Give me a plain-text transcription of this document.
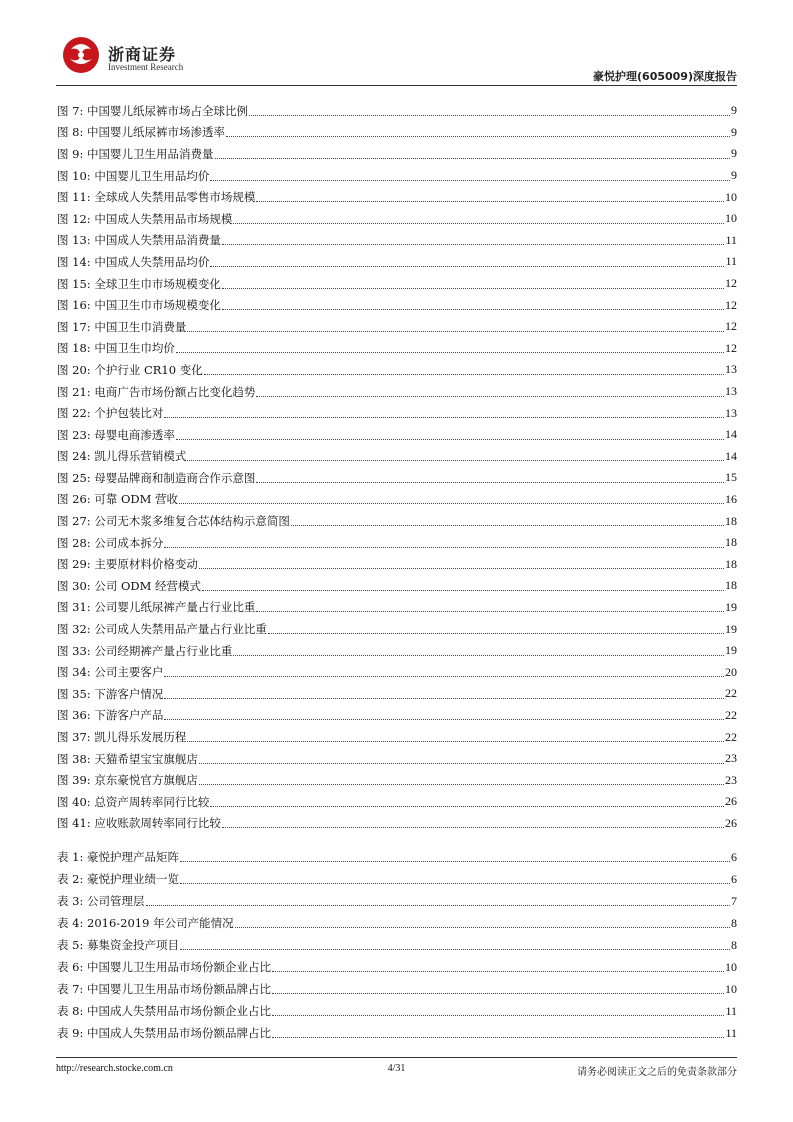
浙商证券
Investment Research
豪悦护理(605009)深度报告
图 7: 中国婴儿纸尿裤市场占全球比例	9
图 8: 中国婴儿纸尿裤市场渗透率	9
图 9: 中国婴儿卫生用品消费量	9
图 10: 中国婴儿卫生用品均价	9
图 11: 全球成人失禁用品零售市场规模	10
图 12: 中国成人失禁用品市场规模	10
图 13: 中国成人失禁用品消费量	11
图 14: 中国成人失禁用品均价	11
图 15: 全球卫生巾市场规模变化	12
图 16: 中国卫生巾市场规模变化	12
图 17: 中国卫生巾消费量	12
图 18: 中国卫生巾均价	12
图 20: 个护行业 CR10 变化	13
图 21: 电商广告市场份额占比变化趋势	13
图 22: 个护包装比对	13
图 23: 母婴电商渗透率	14
图 24: 凯儿得乐营销模式	14
图 25: 母婴品牌商和制造商合作示意图	15
图 26: 可靠 ODM 营收	16
图 27: 公司无木浆多维复合芯体结构示意简图	18
图 28: 公司成本拆分	18
图 29: 主要原材料价格变动	18
图 30: 公司 ODM 经营模式	18
图 31: 公司婴儿纸尿裤产量占行业比重	19
图 32: 公司成人失禁用品产量占行业比重	19
图 33: 公司经期裤产量占行业比重	19
图 34: 公司主要客户	20
图 35: 下游客户情况	22
图 36: 下游客户产品	22
图 37: 凯儿得乐发展历程	22
图 38: 天猫希望宝宝旗舰店	23
图 39: 京东豪悦官方旗舰店	23
图 40: 总资产周转率同行比较	26
图 41: 应收账款周转率同行比较	26
表 1: 豪悦护理产品矩阵	6
表 2: 豪悦护理业绩一览	6
表 3: 公司管理层	7
表 4: 2016-2019 年公司产能情况	8
表 5: 募集资金投产项目	8
表 6: 中国婴儿卫生用品市场份额企业占比	10
表 7: 中国婴儿卫生用品市场份额品牌占比	10
表 8: 中国成人失禁用品市场份额企业占比	11
表 9: 中国成人失禁用品市场份额品牌占比	11
http://research.stocke.com.cn	4/31	请务必阅读正文之后的免责条款部分
